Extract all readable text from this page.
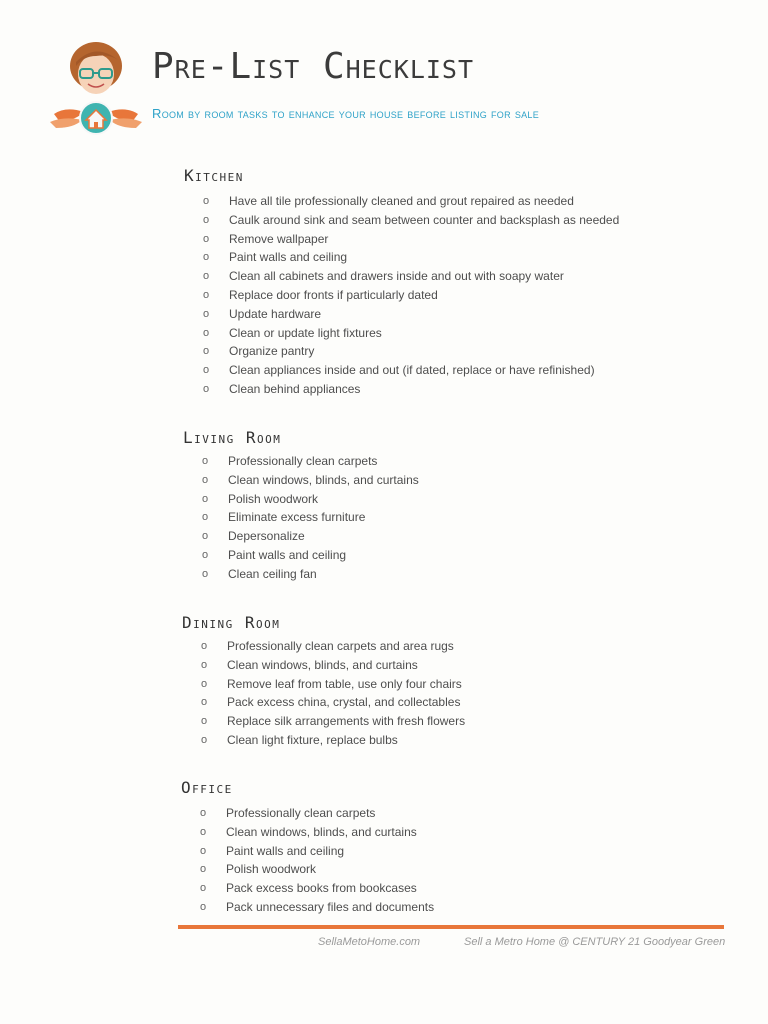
Pre-List Checklist
Room by room tasks to enhance your house before listing for sale
Kitchen
o Have all tile professionally cleaned and grout repaired as needed
o Caulk around sink and seam between counter and backsplash as needed
o Remove wallpaper
o Paint walls and ceiling
o Clean all cabinets and drawers inside and out with soapy water
o Replace door fronts if particularly dated
o Update hardware
o Clean or update light fixtures
o Organize pantry
o Clean appliances inside and out (if dated, replace or have refinished)
o Clean behind appliances
Living Room
o Professionally clean carpets
o Clean windows, blinds, and curtains
o Polish woodwork
o Eliminate excess furniture
o Depersonalize
o Paint walls and ceiling
o Clean ceiling fan
Dining Room
o Professionally clean carpets and area rugs
o Clean windows, blinds, and curtains
o Remove leaf from table, use only four chairs
o Pack excess china, crystal, and collectables
o Replace silk arrangements with fresh flowers
o Clean light fixture, replace bulbs
Office
o Professionally clean carpets
o Clean windows, blinds, and curtains
o Paint walls and ceiling
o Polish woodwork
o Pack excess books from bookcases
o Pack unnecessary files and documents
SellaMetoHome.com	Sell a Metro Home @ CENTURY 21 Goodyear Green
